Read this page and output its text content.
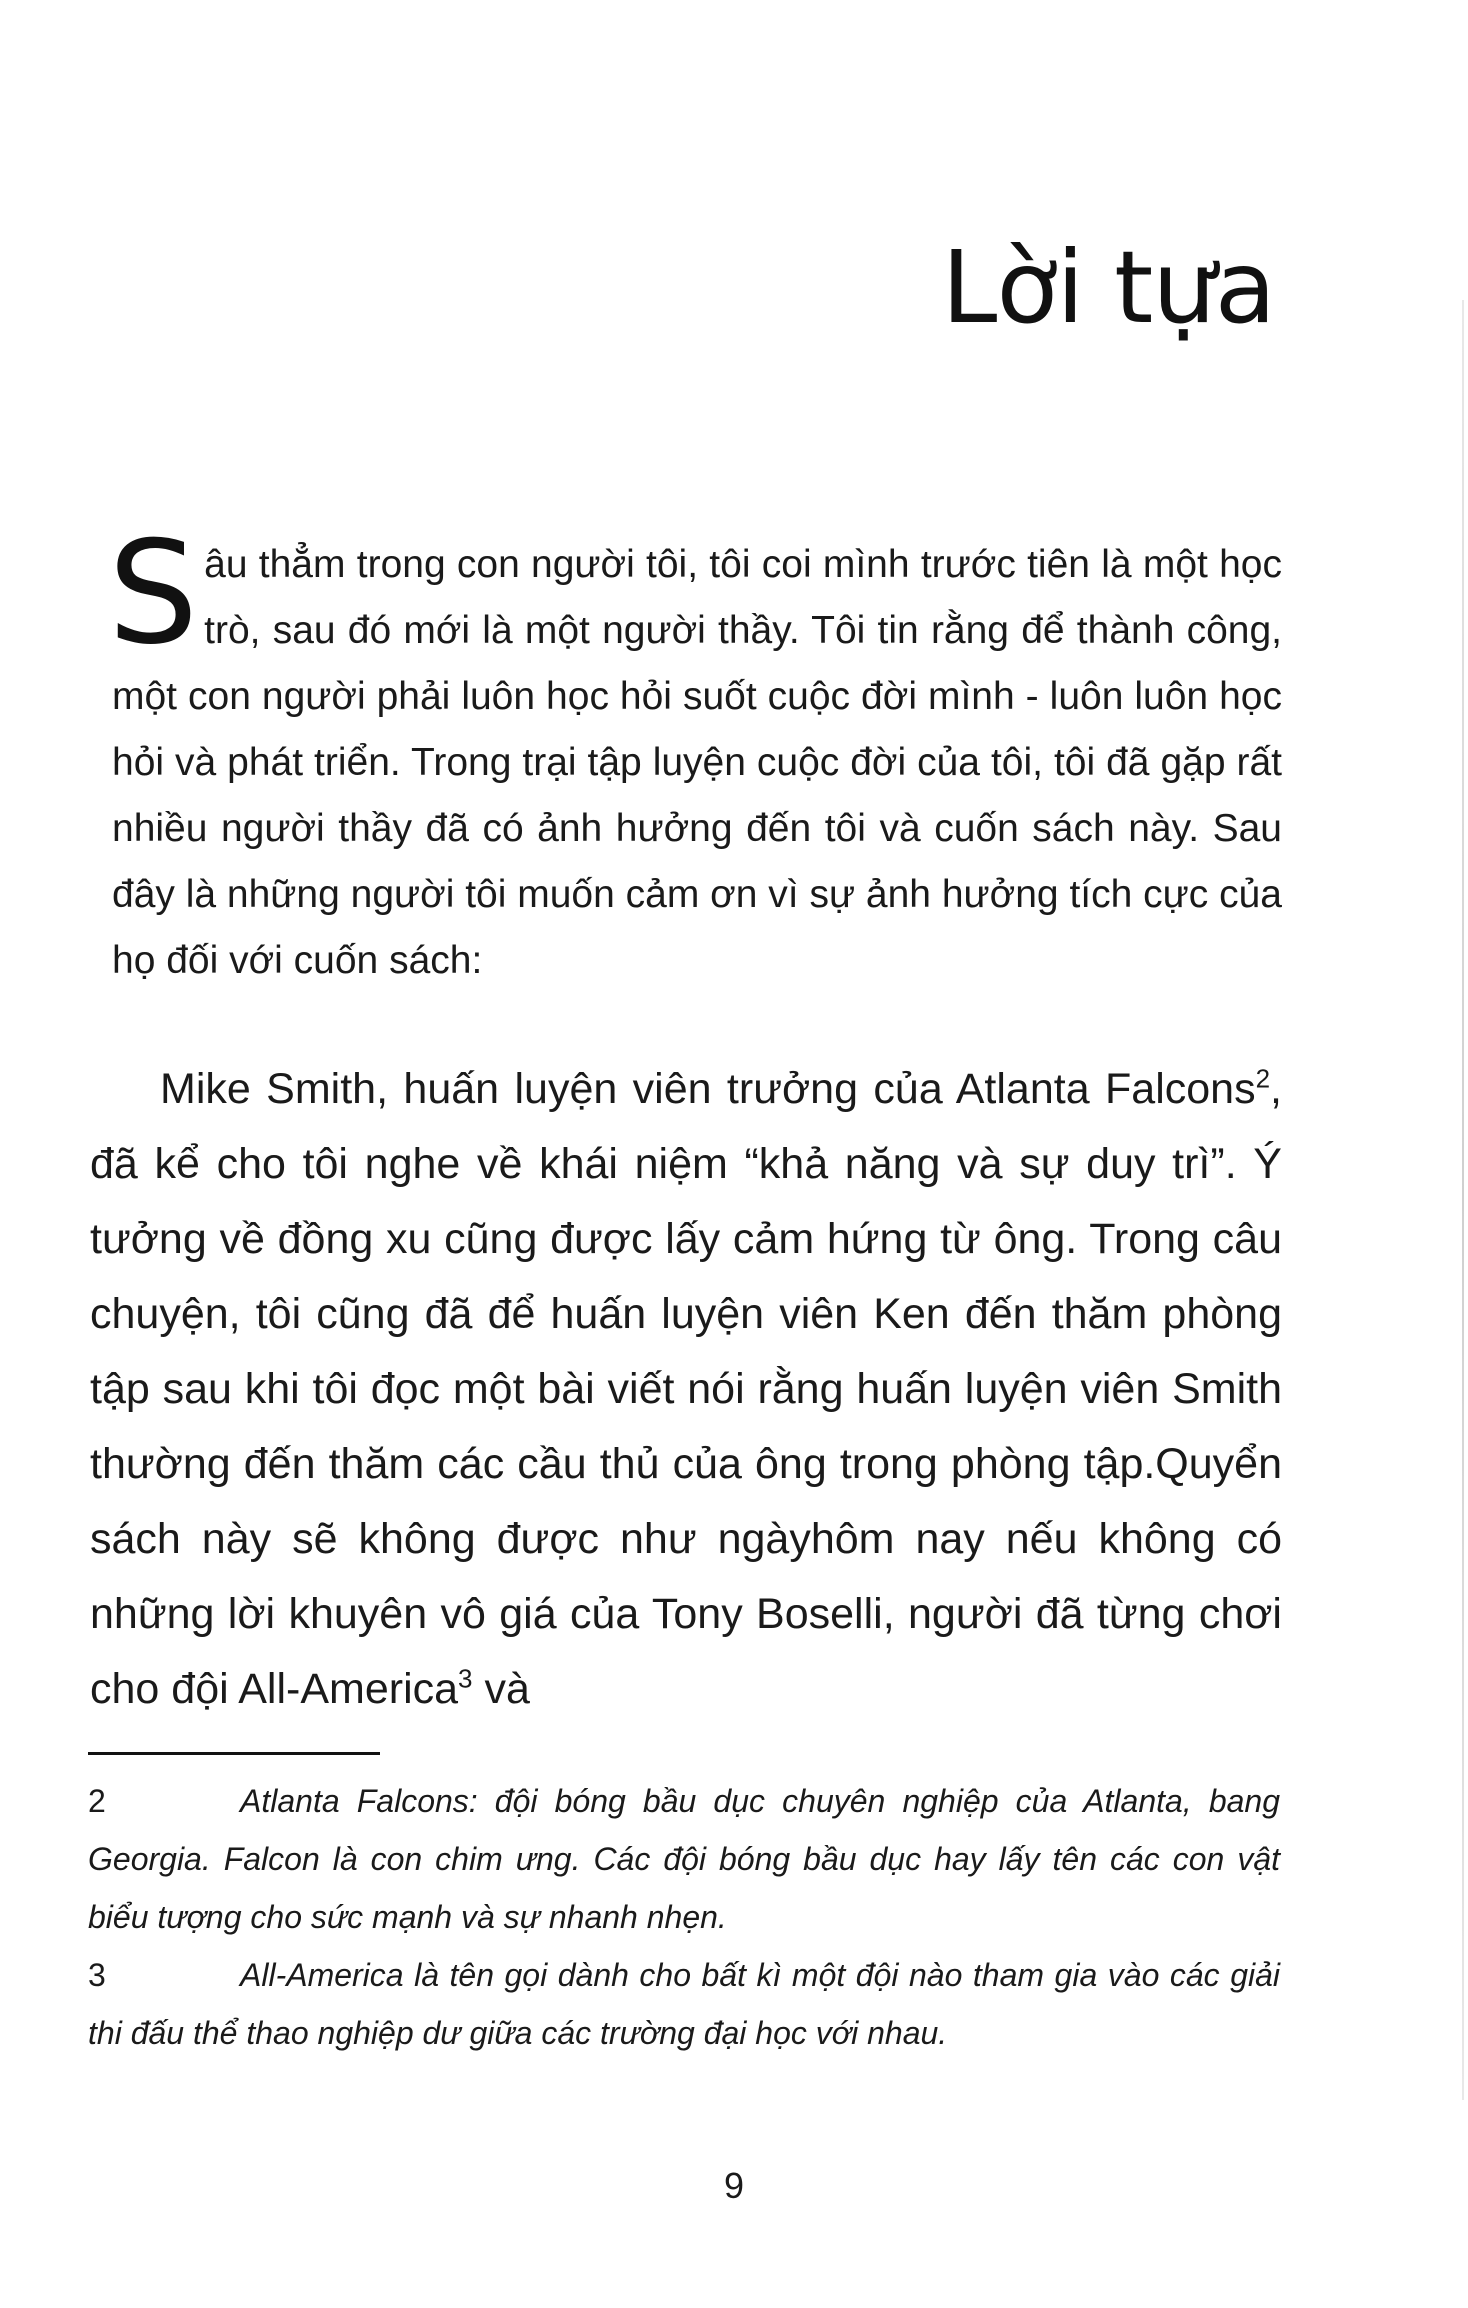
Lời tựa

Sâu thẳm trong con người tôi, tôi coi mình trước tiên là một học trò, sau đó mới là một người thầy. Tôi tin rằng để thành công, một con người phải luôn học hỏi suốt cuộc đời mình - luôn luôn học hỏi và phát triển. Trong trại tập luyện cuộc đời của tôi, tôi đã gặp rất nhiều người thầy đã có ảnh hưởng đến tôi và cuốn sách này. Sau đây là những người tôi muốn cảm ơn vì sự ảnh hưởng tích cực của họ đối với cuốn sách:

Mike Smith, huấn luyện viên trưởng của Atlanta Falcons$^2$, đã kể cho tôi nghe về khái niệm “khả năng và sự duy trì”. Ý tưởng về đồng xu cũng được lấy cảm hứng từ ông. Trong câu chuyện, tôi cũng đã để huấn luyện viên Ken đến thăm phòng tập sau khi tôi đọc một bài viết nói rằng huấn luyện viên Smith thường đến thăm các cầu thủ của ông trong phòng tập.Quyển sách này sẽ không được như ngàyhôm nay nếu không có những lời khuyên vô giá của Tony Boselli, người đã từng chơi cho đội All-America$^3$ và

2	Atlanta Falcons: đội bóng bầu dục chuyên nghiệp của Atlanta, bang Georgia. Falcon là con chim ưng. Các đội bóng bầu dục hay lấy tên các con vật biểu tượng cho sức mạnh và sự nhanh nhẹn.

3	All-America là tên gọi dành cho bất kì một đội nào tham gia vào các giải thi đấu thể thao nghiệp dư giữa các trường đại học với nhau.

9
